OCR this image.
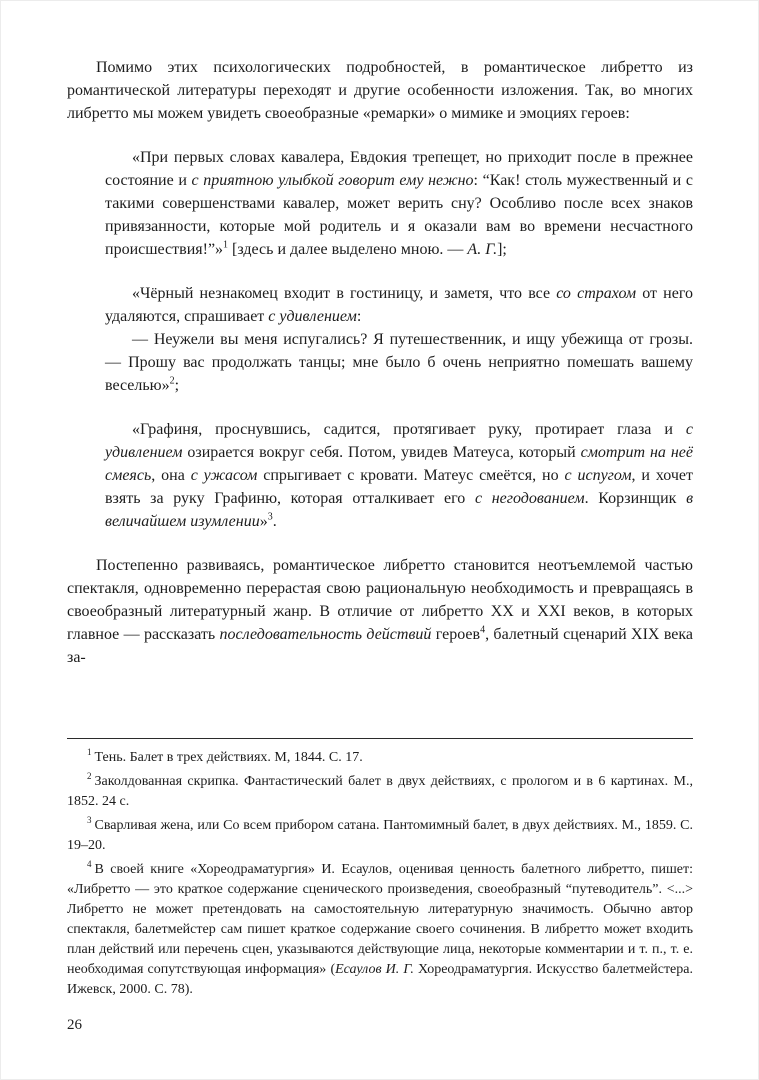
Помимо этих психологических подробностей, в романтическое либретто из романтической литературы переходят и другие особенности изложения. Так, во многих либретто мы можем увидеть своеобразные «ремарки» о мимике и эмоциях героев:

«При первых словах кавалера, Евдокия трепещет, но приходит после в прежнее состояние и с приятною улыбкой говорит ему нежно: “Как! столь мужественный и с такими совершенствами кавалер, может верить сну? Особливо после всех знаков привязанности, которые мой родитель и я оказали вам во времени несчастного происшествия!”»$^1$ [здесь и далее выделено мною. — А. Г.];

«Чёрный незнакомец входит в гостиницу, и заметя, что все со страхом от него удаляются, спрашивает с удивлением:

— Неужели вы меня испугались? Я путешественник, и ищу убежища от грозы. — Прошу вас продолжать танцы; мне было б очень неприятно помешать вашему веселью»$^2$;

«Графиня, проснувшись, садится, протягивает руку, протирает глаза и с удивлением озирается вокруг себя. Потом, увидев Матеуса, который смотрит на неё смеясь, она с ужасом спрыгивает с кровати. Матеус смеётся, но с испугом, и хочет взять за руку Графиню, которая отталкивает его с негодованием. Корзинщик в величайшем изумлении»$^3$.

Постепенно развиваясь, романтическое либретто становится неотъемлемой частью спектакля, одновременно перерастая свою рациональную необходимость и превращаясь в своеобразный литературный жанр. В отличие от либретто XX и XXI веков, в которых главное — рассказать последовательность действий героев$^4$, балетный сценарий XIX века за-

$^1$ Тень. Балет в трех действиях. М, 1844. С. 17.

$^2$ Заколдованная скрипка. Фантастический балет в двух действиях, с прологом и в 6 картинах. М., 1852. 24 с.

$^3$ Сварливая жена, или Со всем прибором сатана. Пантомимный балет, в двух действиях. М., 1859. С. 19–20.

$^4$ В своей книге «Хореодраматургия» И. Есаулов, оценивая ценность балетного либретто, пишет: «Либретто — это краткое содержание сценического произведения, своеобразный “путеводитель”. <...> Либретто не может претендовать на самостоятельную литературную значимость. Обычно автор спектакля, балетмейстер сам пишет краткое содержание своего сочинения. В либретто может входить план действий или перечень сцен, указываются действующие лица, некоторые комментарии и т. п., т. е. необходимая сопутствующая информация» (Есаулов И. Г. Хореодраматургия. Искусство балетмейстера. Ижевск, 2000. С. 78).

26
